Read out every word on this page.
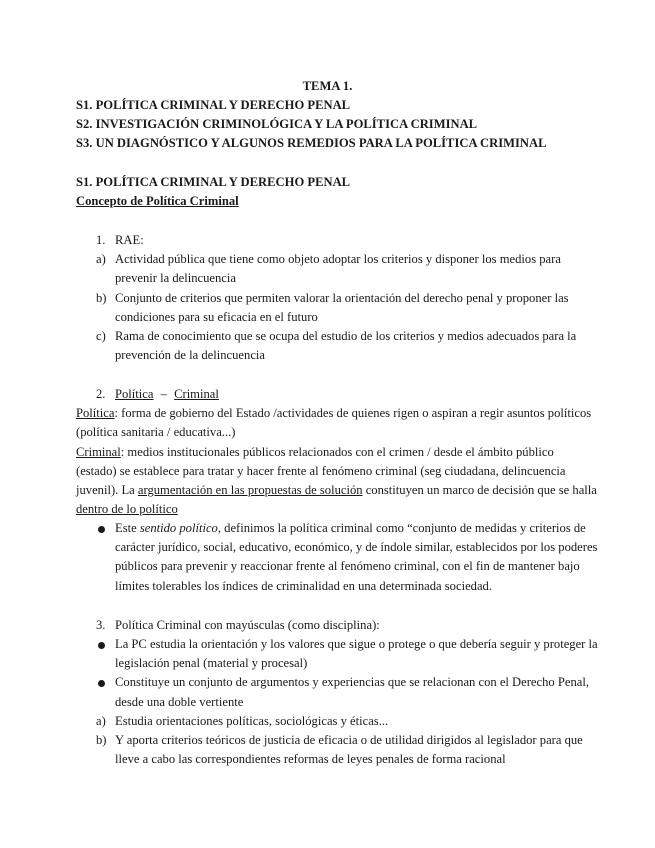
TEMA 1.
S1. POLÍTICA CRIMINAL Y DERECHO PENAL
S2. INVESTIGACIÓN CRIMINOLÓGICA Y LA POLÍTICA CRIMINAL
S3. UN DIAGNÓSTICO Y ALGUNOS REMEDIOS PARA LA POLÍTICA CRIMINAL
S1. POLÍTICA CRIMINAL Y DERECHO PENAL
Concepto de Política Criminal
1. RAE:
a) Actividad pública que tiene como objeto adoptar los criterios y disponer los medios para
prevenir la delincuencia
b) Conjunto de criterios que permiten valorar la orientación del derecho penal y proponer las
condiciones para su eficacia en el futuro
c) Rama de conocimiento que se ocupa del estudio de los criterios y medios adecuados para la
prevención de la delincuencia
2. Política – Criminal
Política: forma de gobierno del Estado /actividades de quienes rigen o aspiran a regir asuntos políticos
(política sanitaria / educativa...)
Criminal: medios institucionales públicos relacionados con el crimen / desde el ámbito público
(estado) se establece para tratar y hacer frente al fenómeno criminal (seg ciudadana, delincuencia
juvenil). La argumentación en las propuestas de solución constituyen un marco de decisión que se halla
dentro de lo político
Este sentido político, definimos la política criminal como “conjunto de medidas y criterios de
carácter jurídico, social, educativo, económico, y de índole similar, establecidos por los poderes
públicos para prevenir y reaccionar frente al fenómeno criminal, con el fin de mantener bajo
límites tolerables los índices de criminalidad en una determinada sociedad.
3. Política Criminal con mayúsculas (como disciplina):
La PC estudia la orientación y los valores que sigue o protege o que debería seguir y proteger la
legislación penal (material y procesal)
Constituye un conjunto de argumentos y experiencias que se relacionan con el Derecho Penal,
desde una doble vertiente
a) Estudia orientaciones políticas, sociológicas y éticas...
b) Y aporta criterios teóricos de justicia de eficacia o de utilidad dirigidos al legislador para que
lleve a cabo las correspondientes reformas de leyes penales de forma racional
